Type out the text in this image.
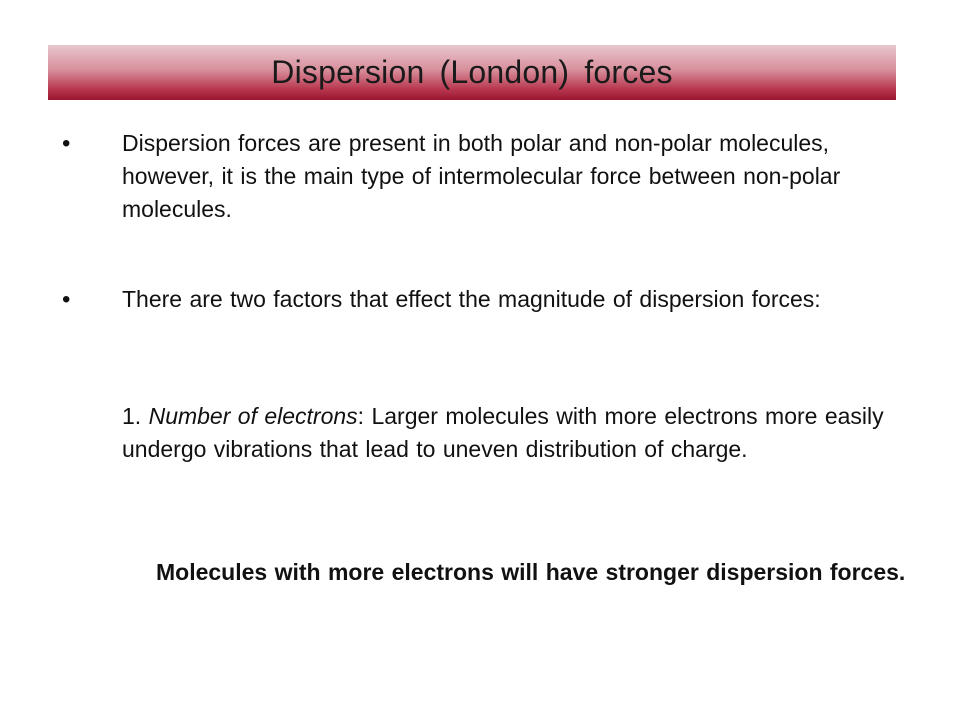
Dispersion (London) forces
• Dispersion forces are present in both polar and non-polar molecules, however, it is the main type of intermolecular force between non-polar molecules.
• There are two factors that effect the magnitude of dispersion forces:
1. Number of electrons: Larger molecules with more electrons more easily undergo vibrations that lead to uneven distribution of charge.
Molecules with more electrons will have stronger dispersion forces.
